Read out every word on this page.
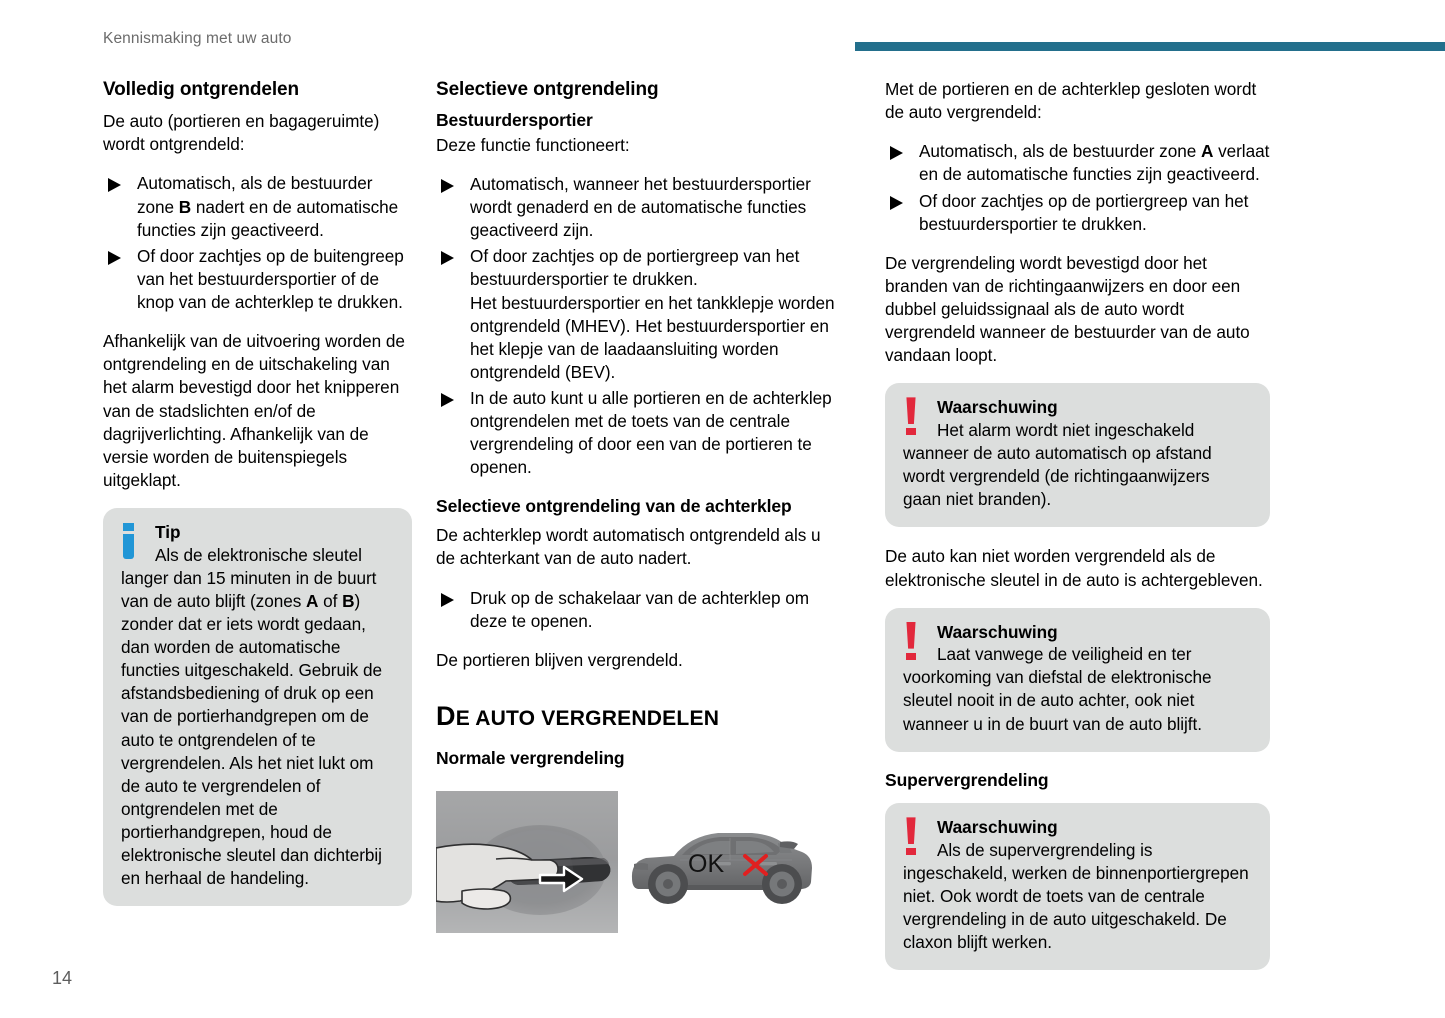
Kennismaking met uw auto
Volledig ontgrendelen

De auto (portieren en bagageruimte) wordt ontgrendeld:

Automatisch, als de bestuurder zone B nadert en de automatische functies zijn geactiveerd.
Of door zachtjes op de buitengreep van het bestuurdersportier of de knop van de achterklep te drukken.

Afhankelijk van de uitvoering worden de ontgrendeling en de uitschakeling van het alarm bevestigd door het knipperen van de stadslichten en/of de dagrijverlichting. Afhankelijk van de versie worden de buitenspiegels uitgeklapt.

Tip

Als de elektronische sleutel langer dan 15 minuten in de buurt van de auto blijft (zones A of B) zonder dat er iets wordt gedaan, dan worden de automatische functies uitgeschakeld. Gebruik de afstandsbediening of druk op een van de portierhandgrepen om de auto te ontgrendelen of te vergrendelen. Als het niet lukt om de auto te vergrendelen of ontgrendelen met de portierhandgrepen, houd de elektronische sleutel dan dichterbij en herhaal de handeling.

Selectieve ontgrendeling
Bestuurdersportier

Deze functie functioneert:

Automatisch, wanneer het bestuurdersportier wordt genaderd en de automatische functies geactiveerd zijn.
Of door zachtjes op de portiergreep van het bestuurdersportier te drukken.
Het bestuurdersportier en het tankklepje worden ontgrendeld (MHEV). Het bestuurdersportier en het klepje van de laadaansluiting worden ontgrendeld (BEV).
In de auto kunt u alle portieren en de achterklep ontgrendelen met de toets van de centrale vergrendeling of door een van de portieren te openen.
Selectieve ontgrendeling van de achterklep

De achterklep wordt automatisch ontgrendeld als u de achterkant van de auto nadert.

Druk op de schakelaar van de achterklep om deze te openen.

De portieren blijven vergrendeld.

DE AUTO VERGRENDELEN
Normale vergrendeling
OK

Met de portieren en de achterklep gesloten wordt de auto vergrendeld:

Automatisch, als de bestuurder zone A verlaat en de automatische functies zijn geactiveerd.
Of door zachtjes op de portiergreep van het bestuurdersportier te drukken.

De vergrendeling wordt bevestigd door het branden van de richtingaanwijzers en door een dubbel geluidssignaal als de auto wordt vergrendeld wanneer de bestuurder van de auto vandaan loopt.

Waarschuwing

Het alarm wordt niet ingeschakeld wanneer de auto automatisch op afstand wordt vergrendeld (de richtingaanwijzers gaan niet branden).

De auto kan niet worden vergrendeld als de elektronische sleutel in de auto is achtergebleven.

Waarschuwing

Laat vanwege de veiligheid en ter voorkoming van diefstal de elektronische sleutel nooit in de auto achter, ook niet wanneer u in de buurt van de auto blijft.

Supervergrendeling
Waarschuwing

Als de supervergrendeling is ingeschakeld, werken de binnenportiergrepen niet. Ook wordt de toets van de centrale vergrendeling in de auto uitgeschakeld. De claxon blijft werken.

14
